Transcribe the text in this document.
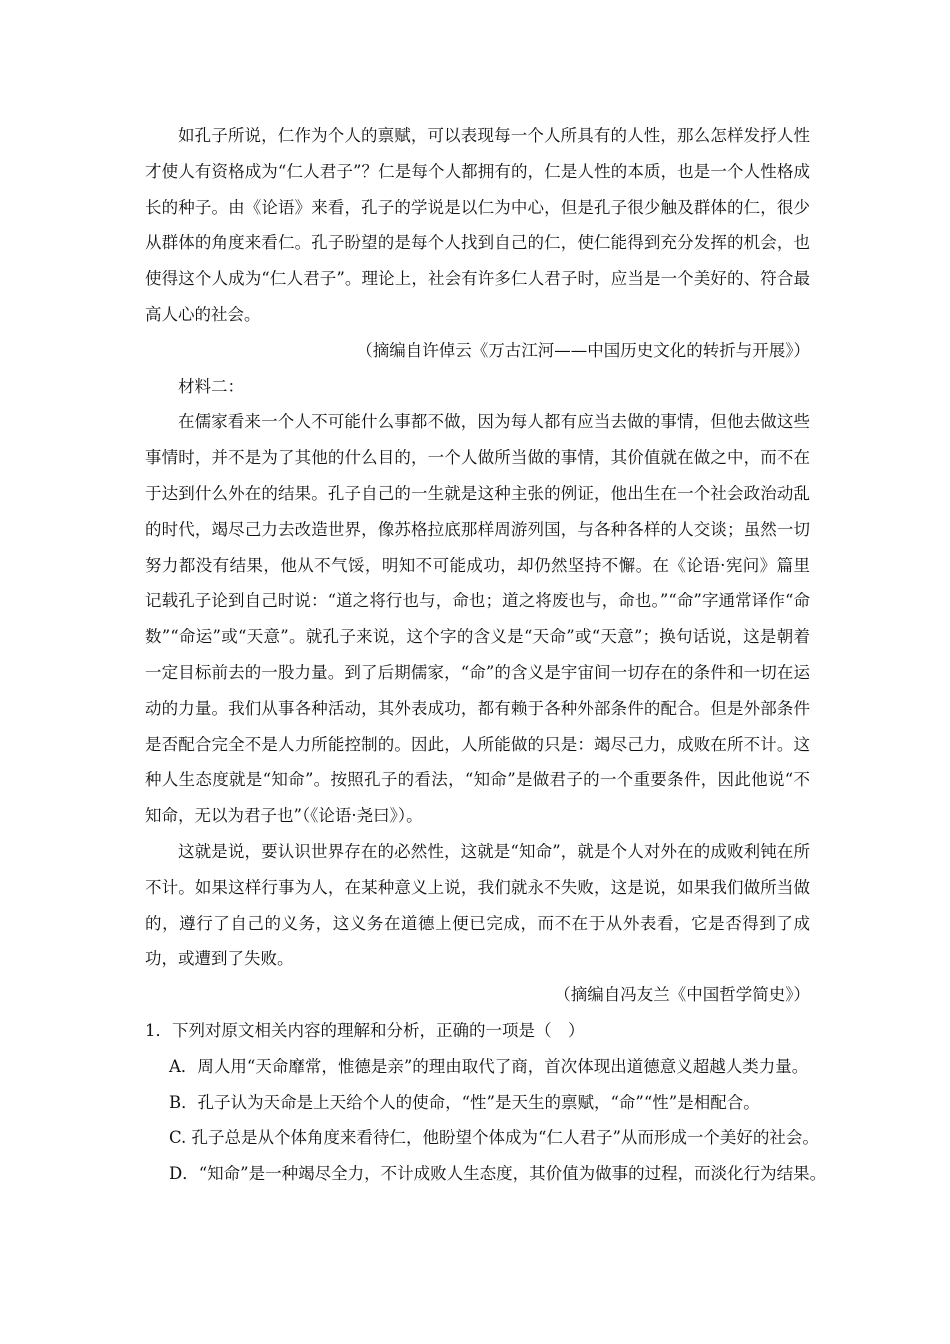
如孔子所说，仁作为个人的禀赋，可以表现每一个人所具有的人性，那么怎样发抒人性才使人有资格成为“仁人君子”？仁是每个人都拥有的，仁是人性的本质，也是一个人性格成长的种子。由《论语》来看，孔子的学说是以仁为中心，但是孔子很少触及群体的仁，很少从群体的角度来看仁。孔子盼望的是每个人找到自己的仁，使仁能得到充分发挥的机会，也使得这个人成为“仁人君子”。理论上，社会有许多仁人君子时，应当是一个美好的、符合最高人心的社会。

（摘编自许倬云《万古江河——中国历史文化的转折与开展》）

材料二：

在儒家看来一个人不可能什么事都不做，因为每人都有应当去做的事情，但他去做这些事情时，并不是为了其他的什么目的，一个人做所当做的事情，其价值就在做之中，而不在于达到什么外在的结果。孔子自己的一生就是这种主张的例证，他出生在一个社会政治动乱的时代，竭尽己力去改造世界，像苏格拉底那样周游列国，与各种各样的人交谈；虽然一切努力都没有结果，他从不气馁，明知不可能成功，却仍然坚持不懈。在《论语·宪问》篇里记载孔子论到自己时说：“道之将行也与，命也；道之将废也与，命也。”“命”字通常译作“命数”“命运”或“天意”。就孔子来说，这个字的含义是“天命”或“天意”；换句话说，这是朝着一定目标前去的一股力量。到了后期儒家，“命”的含义是宇宙间一切存在的条件和一切在运动的力量。我们从事各种活动，其外表成功，都有赖于各种外部条件的配合。但是外部条件是否配合完全不是人力所能控制的。因此，人所能做的只是：竭尽己力，成败在所不计。这种人生态度就是“知命”。按照孔子的看法，“知命”是做君子的一个重要条件，因此他说“不知命，无以为君子也”（《论语·尧曰》）。

这就是说，要认识世界存在的必然性，这就是“知命”，就是个人对外在的成败利钝在所不计。如果这样行事为人，在某种意义上说，我们就永不失败，这是说，如果我们做所当做的，遵行了自己的义务，这义务在道德上便已完成，而不在于从外表看，它是否得到了成功，或遭到了失败。

（摘编自冯友兰《中国哲学简史》）

1．下列对原文相关内容的理解和分析，正确的一项是（　）

A．周人用“天命靡常，惟德是亲”的理由取代了商，首次体现出道德意义超越人类力量。

B．孔子认为天命是上天给个人的使命，“性”是天生的禀赋，“命”“性”是相配合。

C. 孔子总是从个体角度来看待仁，他盼望个体成为“仁人君子”从而形成一个美好的社会。

D．“知命”是一种竭尽全力，不计成败人生态度，其价值为做事的过程，而淡化行为结果。
